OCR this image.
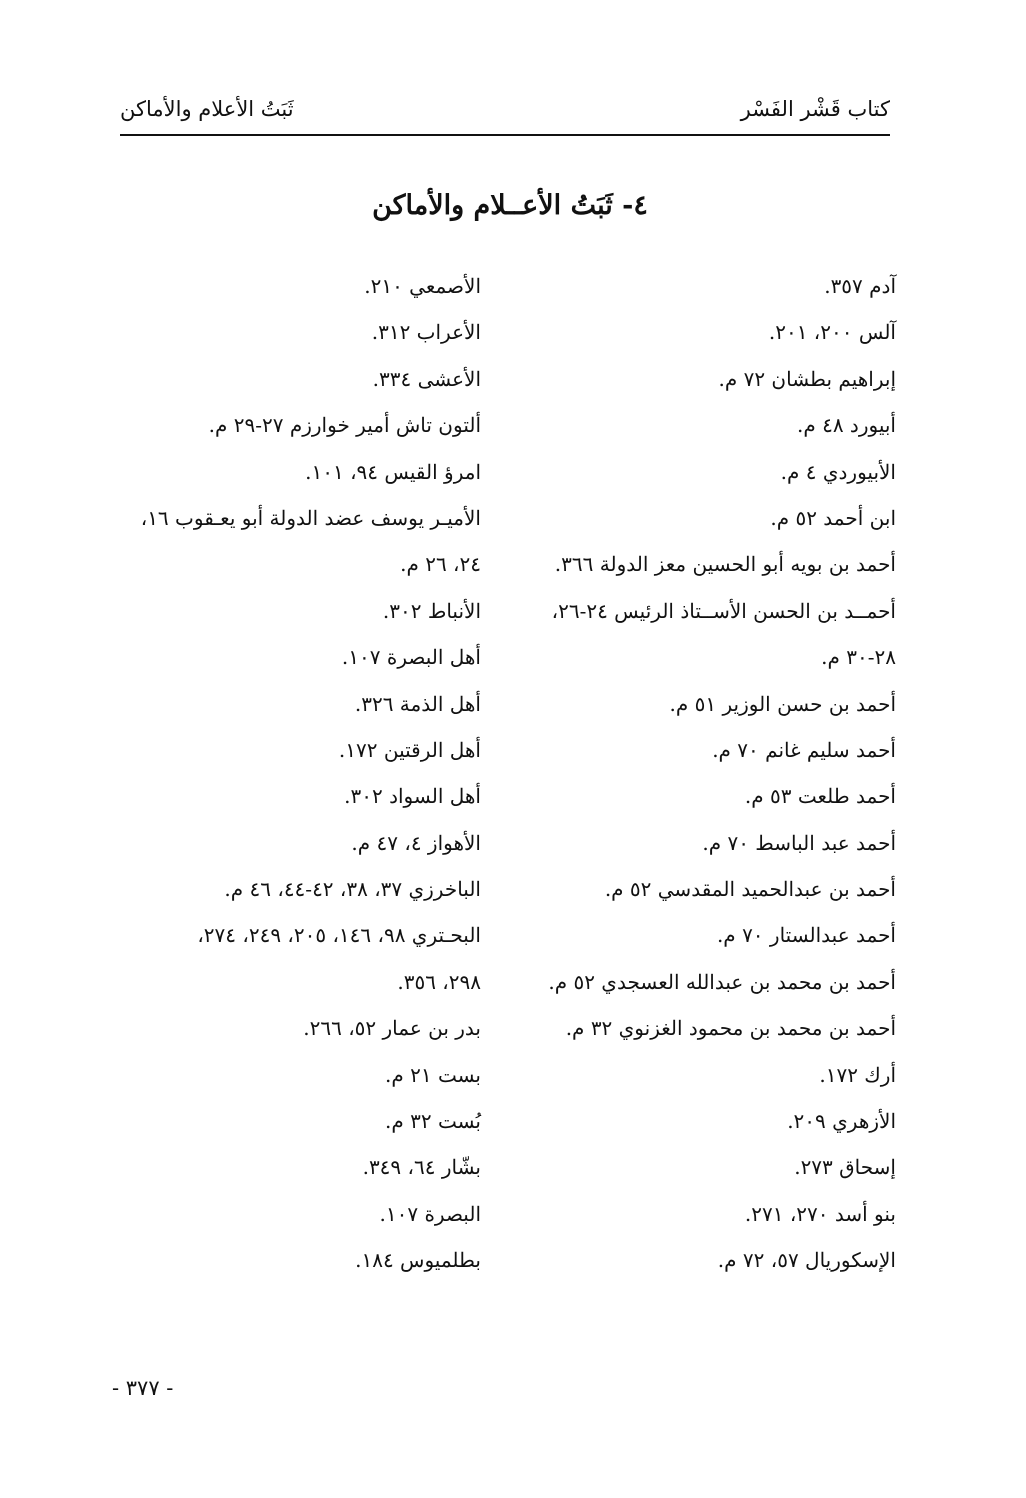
كتاب قَشْر الفَسْر
ثَبَتُ الأعلام والأماكن
٤- ثَبَتُ الأعــلام والأماكن
آدم ٣٥٧.
آلس ٢٠٠، ٢٠١.
إبراهيم بطشان ٧٢ م.
أبيورد ٤٨ م.
الأبيوردي ٤ م.
ابن أحمد ٥٢ م.
أحمد بن بويه أبو الحسين معز الدولة ٣٦٦.
أحمــد بن الحسن الأســتاذ الرئيس ٢٤-٢٦،
٢٨-٣٠ م.
أحمد بن حسن الوزير ٥١ م.
أحمد سليم غانم ٧٠ م.
أحمد طلعت ٥٣ م.
أحمد عبد الباسط ٧٠ م.
أحمد بن عبدالحميد المقدسي ٥٢ م.
أحمد عبدالستار ٧٠ م.
أحمد بن محمد بن عبدالله العسجدي ٥٢ م.
أحمد بن محمد بن محمود الغزنوي ٣٢ م.
أرك ١٧٢.
الأزهري ٢٠٩.
إسحاق ٢٧٣.
بنو أسد ٢٧٠، ٢٧١.
الإسكوريال ٥٧، ٧٢ م.
الأصمعي ٢١٠.
الأعراب ٣١٢.
الأعشى ٣٣٤.
ألتون تاش أمير خوارزم ٢٧-٢٩ م.
امرؤ القيس ٩٤، ١٠١.
الأميـر يوسف عضد الدولة أبو يعـقوب ١٦،
٢٤، ٢٦ م.
الأنباط ٣٠٢.
أهل البصرة ١٠٧.
أهل الذمة ٣٢٦.
أهل الرقتين ١٧٢.
أهل السواد ٣٠٢.
الأهواز ٤، ٤٧ م.
الباخرزي ٣٧، ٣٨، ٤٢-٤٤، ٤٦ م.
البحـتري ٩٨، ١٤٦، ٢٠٥، ٢٤٩، ٢٧٤،
٢٩٨، ٣٥٦.
بدر بن عمار ٥٢، ٢٦٦.
بست ٢١ م.
بُست ٣٢ م.
بشّار ٦٤، ٣٤٩.
البصرة ١٠٧.
بطلميوس ١٨٤.
- ٣٧٧ -
